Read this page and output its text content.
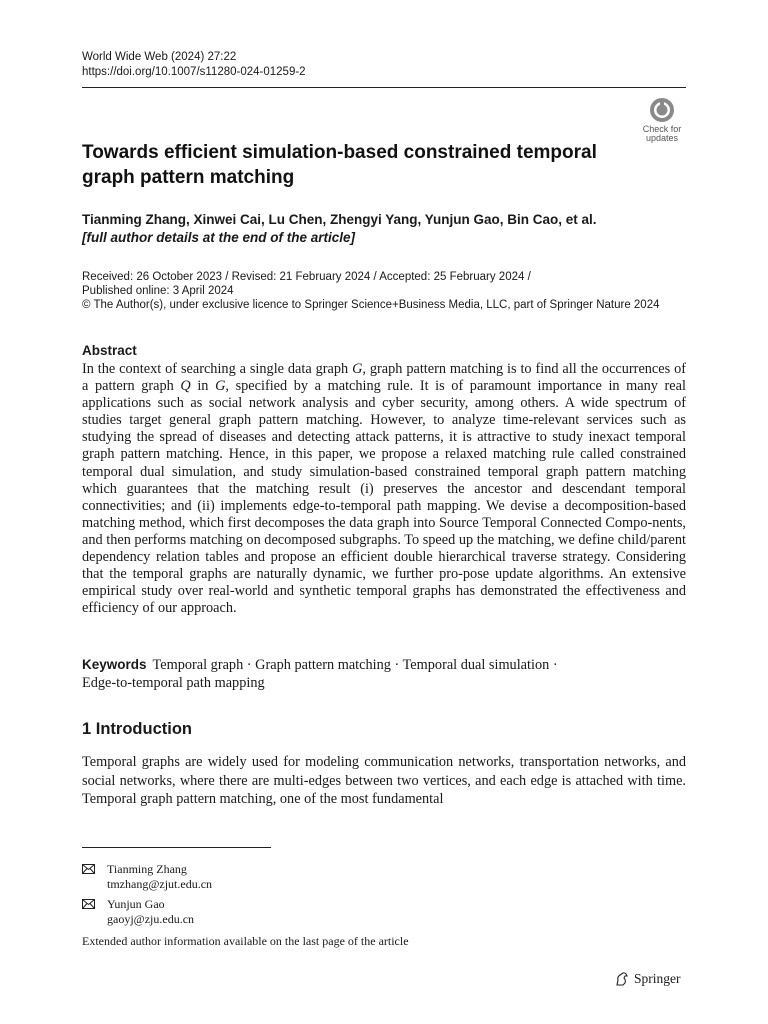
World Wide Web (2024) 27:22
https://doi.org/10.1007/s11280-024-01259-2
Check for
updates
Towards efficient simulation-based constrained temporal
graph pattern matching
Tianming Zhang, Xinwei Cai, Lu Chen, Zhengyi Yang, Yunjun Gao, Bin Cao, et al.
[full author details at the end of the article]
Received: 26 October 2023 / Revised: 21 February 2024 / Accepted: 25 February 2024 /
Published online: 3 April 2024
© The Author(s), under exclusive licence to Springer Science+Business Media, LLC, part of Springer Nature 2024
Abstract
In the context of searching a single data graph G, graph pattern matching is to find all the occurrences of a pattern graph Q in G, specified by a matching rule. It is of paramount importance in many real applications such as social network analysis and cyber security, among others. A wide spectrum of studies target general graph pattern matching. However, to analyze time-relevant services such as studying the spread of diseases and detecting attack patterns, it is attractive to study inexact temporal graph pattern matching. Hence, in this paper, we propose a relaxed matching rule called constrained temporal dual simulation, and study simulation-based constrained temporal graph pattern matching which guarantees that the matching result (i) preserves the ancestor and descendant temporal connectivities; and (ii) implements edge-to-temporal path mapping. We devise a decomposition-based matching method, which first decomposes the data graph into Source Temporal Connected Compo-nents, and then performs matching on decomposed subgraphs. To speed up the matching, we define child/parent dependency relation tables and propose an efficient double hierarchical traverse strategy. Considering that the temporal graphs are naturally dynamic, we further pro-pose update algorithms. An extensive empirical study over real-world and synthetic temporal graphs has demonstrated the effectiveness and efficiency of our approach.
Keywords Temporal graph · Graph pattern matching · Temporal dual simulation ·
Edge-to-temporal path mapping
1 Introduction
Temporal graphs are widely used for modeling communication networks, transportation networks, and social networks, where there are multi-edges between two vertices, and each edge is attached with time. Temporal graph pattern matching, one of the most fundamental
Tianming Zhang
tmzhang@zjut.edu.cn
Yunjun Gao
gaoyj@zju.edu.cn
Extended author information available on the last page of the article
Springer
